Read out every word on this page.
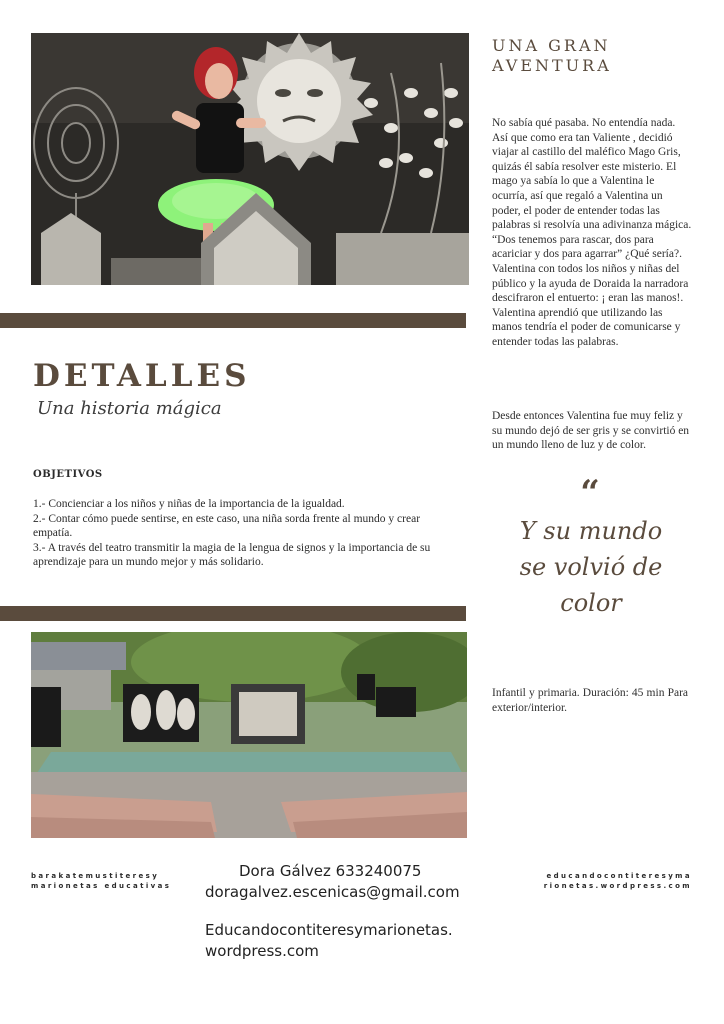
UNA GRAN
AVENTURA
No sabía qué pasaba. No entendía nada. Así que como era tan Valiente , decidió viajar al castillo del maléfico Mago Gris, quizás él sabía resolver este misterio. El mago ya sabía lo que a Valentina le ocurría, así que regaló a Valentina un poder, el poder de entender todas las palabras si resolvía una adivinanza mágica. “Dos tenemos para rascar, dos para acariciar y dos para agarrar” ¿Qué sería?. Valentina con todos los niños y niñas del público y la ayuda de Doraida la narradora descifraron el entuerto: ¡ eran las manos!. Valentina aprendió que utilizando las manos tendría el poder de comunicarse y entender todas las palabras.
Desde entonces Valentina fue muy feliz y su mundo dejó de ser gris y se convirtió en un mundo lleno de luz y de color.
DETALLES
Una historia mágica
OBJETIVOS
1.- Concienciar a los niños y niñas de la importancia de la igualdad.
2.- Contar cómo puede sentirse, en este caso, una niña sorda frente al mundo y crear empatía.
3.- A través del teatro transmitir la magia de la lengua de signos y la importancia de su aprendizaje para un mundo mejor y más solidario.
“
Y su mundo
se volvió de
color
Infantil y primaria. Duración: 45 min Para exterior/interior.
barakatemustiteresy
marionetas educativas
Dora Gálvez 633240075
doragalvez.escenicas@gmail.com
Educandocontiteresymarionetas.
wordpress.com
educandocontiteresyma
rionetas.wordpress.com
